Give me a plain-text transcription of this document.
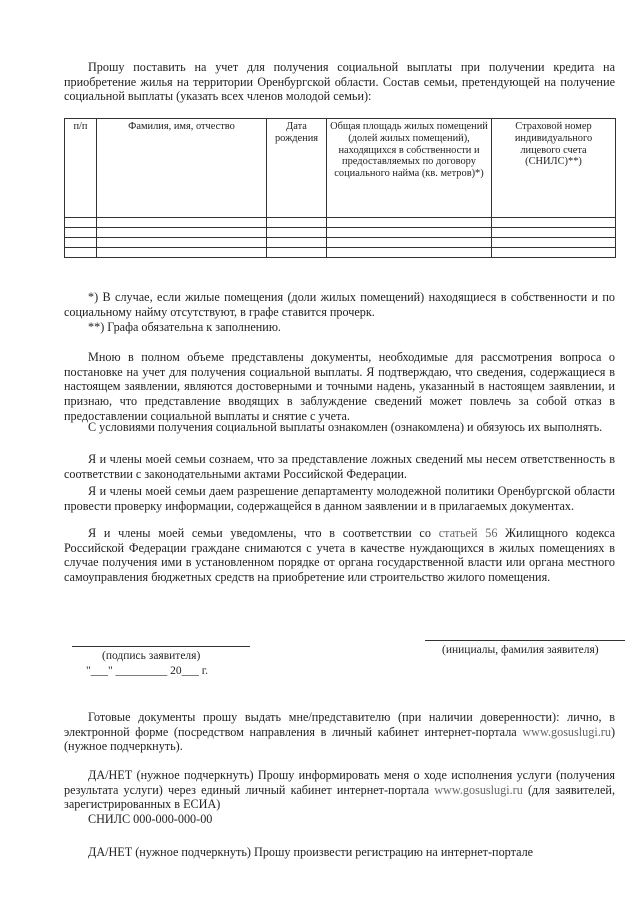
Прошу поставить на учет для получения социальной выплаты при получении кредита на приобретение жилья на территории Оренбургской области. Состав семьи, претендующей на получение социальной выплаты (указать всех членов молодой семьи):
п/п	Фамилия, имя, отчество	Дата рождения	Общая площадь жилых помещений (долей жилых помещений), находящихся в собственности и предоставляемых по договору социального найма (кв. метров)*)	Страховой номер индивидуального лицевого счета (СНИЛС)**)

*) В случае, если жилые помещения (доли жилых помещений) находящиеся в собственности и по социальному найму отсутствуют, в графе ставится прочерк.
**) Графа обязательна к заполнению.
Мною в полном объеме представлены документы, необходимые для рассмотрения вопроса о постановке на учет для получения социальной выплаты. Я подтверждаю, что сведения, содержащиеся в настоящем заявлении, являются достоверными и точными надень, указанный в настоящем заявлении, и признаю, что представление вводящих в заблуждение сведений может повлечь за собой отказ в предоставлении социальной выплаты и снятие с учета.
С условиями получения социальной выплаты ознакомлен (ознакомлена) и обязуюсь их выполнять.
Я и члены моей семьи сознаем, что за представление ложных сведений мы несем ответственность в соответствии с законодательными актами Российской Федерации.
Я и члены моей семьи даем разрешение департаменту молодежной политики Оренбургской области провести проверку информации, содержащейся в данном заявлении и в прилагаемых документах.
Я и члены моей семьи уведомлены, что в соответствии со статьей 56 Жилищного кодекса Российской Федерации граждане снимаются с учета в качестве нуждающихся в жилых помещениях в случае получения ими в установленном порядке от органа государственной власти или органа местного самоуправления бюджетных средств на приобретение или строительство жилого помещения.
(подпись заявителя)
"___" _________ 20___ г.
(инициалы, фамилия заявителя)
Готовые документы прошу выдать мне/представителю (при наличии доверенности): лично, в электронной форме (посредством направления в личный кабинет интернет-портала www.gosuslugi.ru) (нужное подчеркнуть).
ДА/НЕТ (нужное подчеркнуть) Прошу информировать меня о ходе исполнения услуги (получения результата услуги) через единый личный кабинет интернет-портала www.gosuslugi.ru (для заявителей, зарегистрированных в ЕСИА)
СНИЛС 000-000-000-00
ДА/НЕТ (нужное подчеркнуть) Прошу произвести регистрацию на интернет-портале
